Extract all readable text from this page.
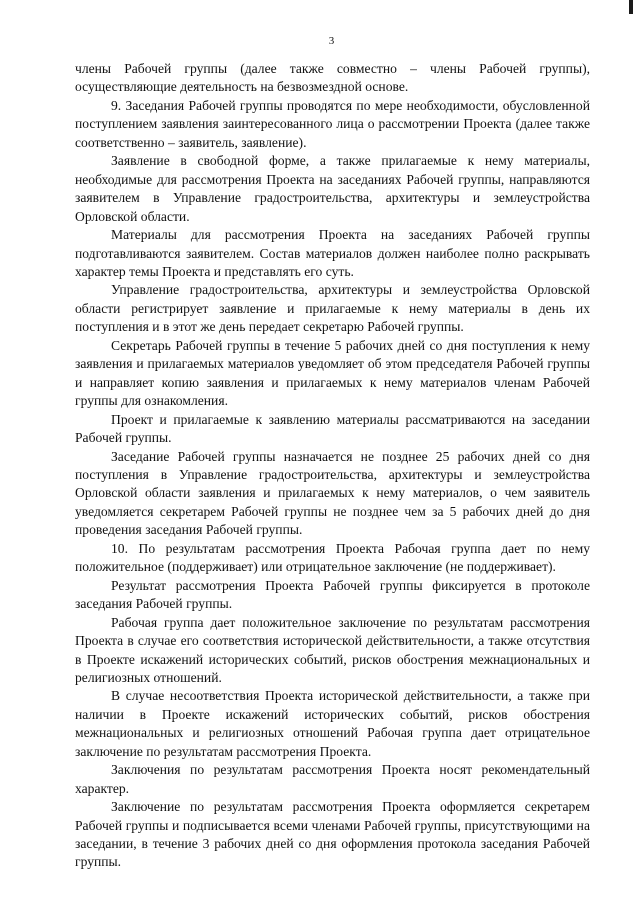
3

члены Рабочей группы (далее также совместно – члены Рабочей группы), осуществляющие деятельность на безвозмездной основе.

9. Заседания Рабочей группы проводятся по мере необходимости, обусловленной поступлением заявления заинтересованного лица о рассмотрении Проекта (далее также соответственно – заявитель, заявление).

Заявление в свободной форме, а также прилагаемые к нему материалы, необходимые для рассмотрения Проекта на заседаниях Рабочей группы, направляются заявителем в Управление градостроительства, архитектуры и землеустройства Орловской области.

Материалы для рассмотрения Проекта на заседаниях Рабочей группы подготавливаются заявителем. Состав материалов должен наиболее полно раскрывать характер темы Проекта и представлять его суть.

Управление градостроительства, архитектуры и землеустройства Орловской области регистрирует заявление и прилагаемые к нему материалы в день их поступления и в этот же день передает секретарю Рабочей группы.

Секретарь Рабочей группы в течение 5 рабочих дней со дня поступления к нему заявления и прилагаемых материалов уведомляет об этом председателя Рабочей группы и направляет копию заявления и прилагаемых к нему материалов членам Рабочей группы для ознакомления.

Проект и прилагаемые к заявлению материалы рассматриваются на заседании Рабочей группы.

Заседание Рабочей группы назначается не позднее 25 рабочих дней со дня поступления в Управление градостроительства, архитектуры и землеустройства Орловской области заявления и прилагаемых к нему материалов, о чем заявитель уведомляется секретарем Рабочей группы не позднее чем за 5 рабочих дней до дня проведения заседания Рабочей группы.

10. По результатам рассмотрения Проекта Рабочая группа дает по нему положительное (поддерживает) или отрицательное заключение (не поддерживает).

Результат рассмотрения Проекта Рабочей группы фиксируется в протоколе заседания Рабочей группы.

Рабочая группа дает положительное заключение по результатам рассмотрения Проекта в случае его соответствия исторической действительности, а также отсутствия в Проекте искажений исторических событий, рисков обострения межнациональных и религиозных отношений.

В случае несоответствия Проекта исторической действительности, а также при наличии в Проекте искажений исторических событий, рисков обострения межнациональных и религиозных отношений Рабочая группа дает отрицательное заключение по результатам рассмотрения Проекта.

Заключения по результатам рассмотрения Проекта носят рекомендательный характер.

Заключение по результатам рассмотрения Проекта оформляется секретарем Рабочей группы и подписывается всеми членами Рабочей группы, присутствующими на заседании, в течение 3 рабочих дней со дня оформления протокола заседания Рабочей группы.
